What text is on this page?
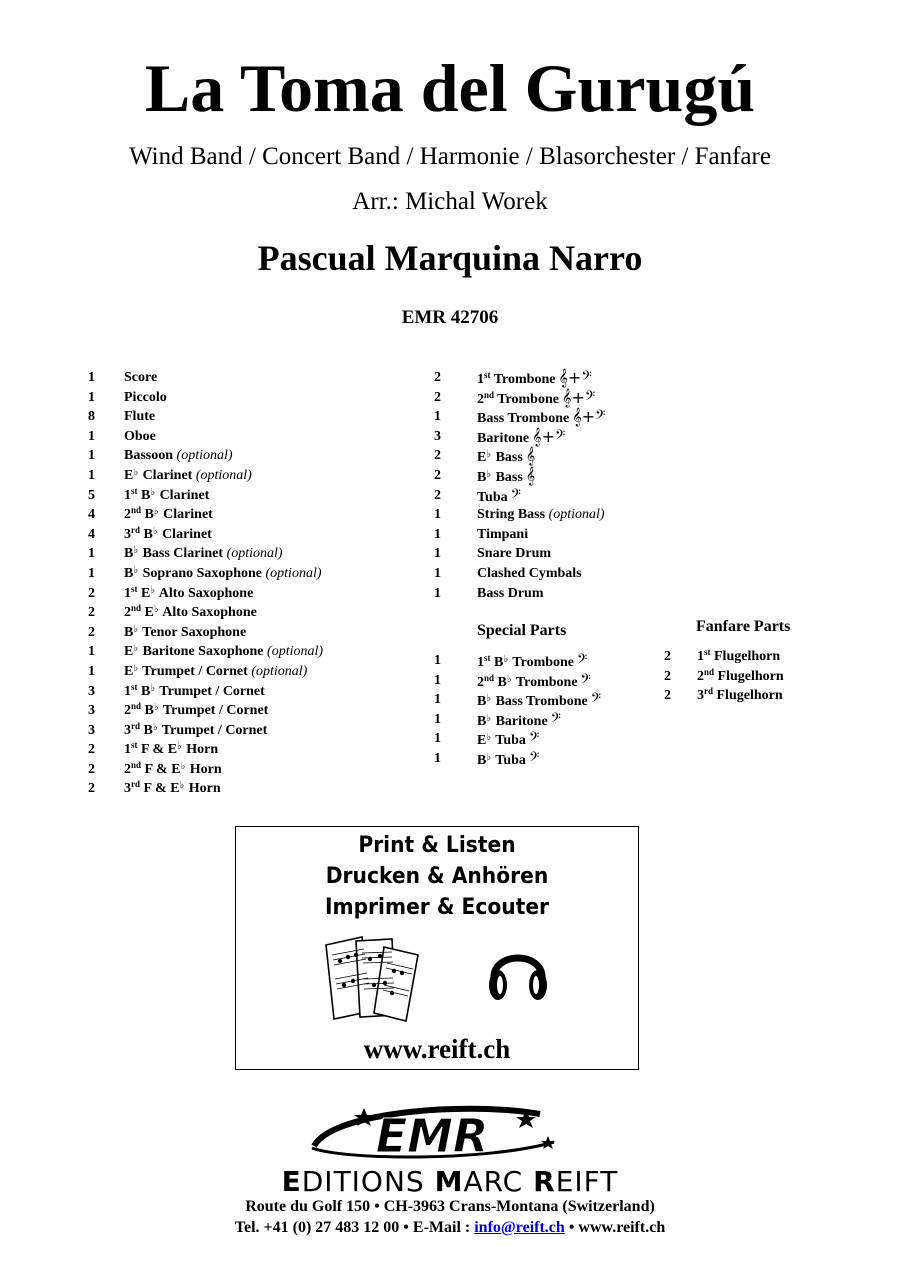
La Toma del Gurugú
Wind Band / Concert Band / Harmonie / Blasorchester / Fanfare
Arr.: Michal Worek
Pascual Marquina Narro
EMR 42706
1 Score
1 Piccolo
8 Flute
1 Oboe
1 Bassoon (optional)
1 E♭ Clarinet (optional)
5 1st B♭ Clarinet
4 2nd B♭ Clarinet
4 3rd B♭ Clarinet
1 B♭ Bass Clarinet (optional)
1 B♭ Soprano Saxophone (optional)
2 1st E♭ Alto Saxophone
2 2nd E♭ Alto Saxophone
2 B♭ Tenor Saxophone
1 E♭ Baritone Saxophone (optional)
1 E♭ Trumpet / Cornet (optional)
3 1st B♭ Trumpet / Cornet
3 2nd B♭ Trumpet / Cornet
3 3rd B♭ Trumpet / Cornet
2 1st F & E♭ Horn
2 2nd F & E♭ Horn
2 3rd F & E♭ Horn
2	1st Trombone 𝄞+𝄢
2	2nd Trombone 𝄞+𝄢
1	Bass Trombone 𝄞+𝄢
3	Baritone 𝄞+𝄢
2	E♭ Bass 𝄞
2	B♭ Bass 𝄞
2	Tuba 𝄢
1	String Bass (optional)
1	Timpani
1	Snare Drum
1	Clashed Cymbals
1	Bass Drum
Special Parts
1	1st B♭ Trombone 𝄢
1	2nd B♭ Trombone 𝄢
1	B♭ Bass Trombone 𝄢
1	B♭ Baritone 𝄢
1	E♭ Tuba 𝄢
1	B♭ Tuba 𝄢
Fanfare Parts
2 1st Flugelhorn
2 2nd Flugelhorn
2 3rd Flugelhorn
Print & Listen
Drucken & Anhören
Imprimer & Ecouter
www.reift.ch
EMR
EDITIONS MARC REIFT
Route du Golf 150 • CH-3963 Crans-Montana (Switzerland)
Tel. +41 (0) 27 483 12 00 • E-Mail : info@reift.ch • www.reift.ch
